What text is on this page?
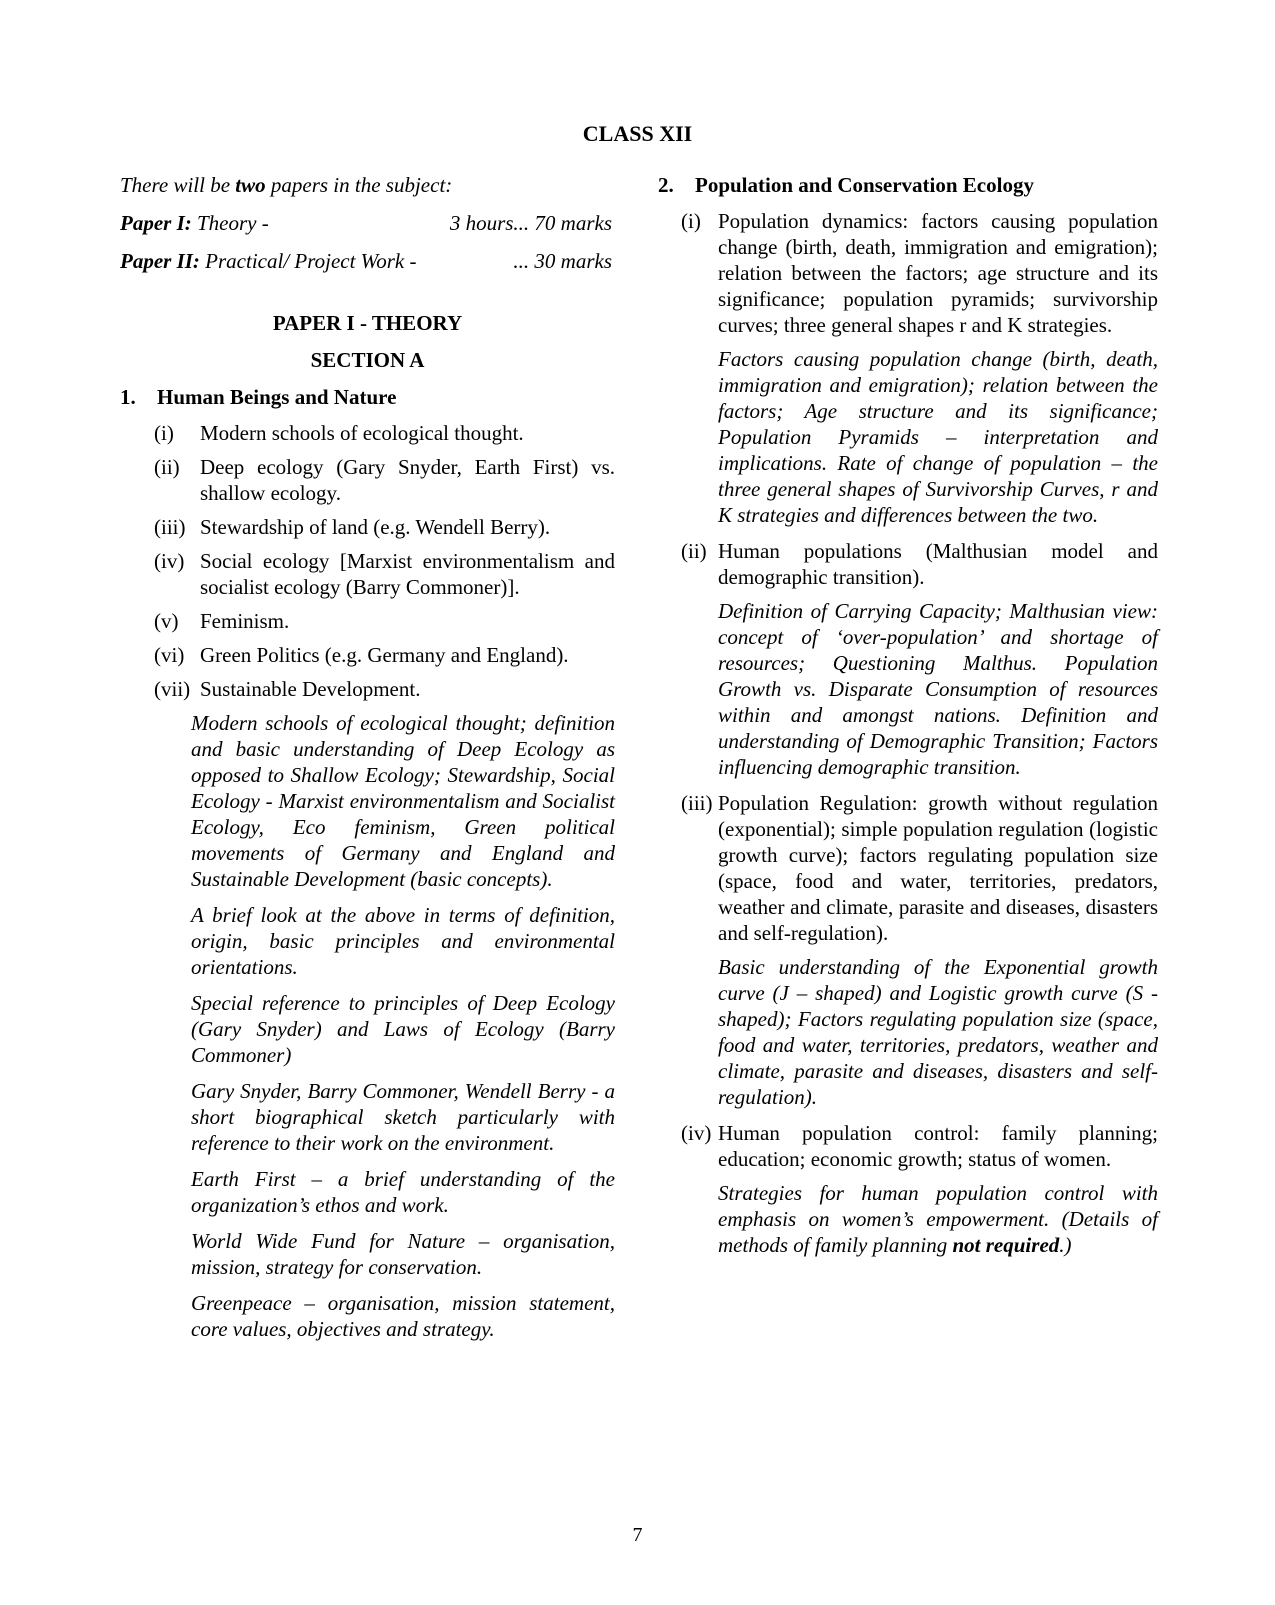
CLASS XII

There will be two papers in the subject:

Paper I: Theory -	3 hours... 70 marks
Paper II: Practical/ Project Work -	... 30 marks

PAPER I - THEORY

SECTION A

1.	Human Beings and Nature
(i)	Modern schools of ecological thought.
(ii) Deep ecology (Gary Snyder, Earth First) vs. shallow ecology.
(iii) Stewardship of land (e.g. Wendell Berry).
(iv) Social ecology [Marxist environmentalism and socialist ecology (Barry Commoner)].
(v)	Feminism.
(vi) Green Politics (e.g. Germany and England).
(vii) Sustainable Development.

Modern schools of ecological thought; definition and basic understanding of Deep Ecology as opposed to Shallow Ecology; Stewardship, Social Ecology - Marxist environmentalism and Socialist Ecology, Eco feminism, Green political movements of Germany and England and Sustainable Development (basic concepts).

A brief look at the above in terms of definition, origin, basic principles and environmental orientations.

Special reference to principles of Deep Ecology (Gary Snyder) and Laws of Ecology (Barry Commoner)

Gary Snyder, Barry Commoner, Wendell Berry - a short biographical sketch particularly with reference to their work on the environment.

Earth First – a brief understanding of the organization’s ethos and work.

World Wide Fund for Nature – organisation, mission, strategy for conservation.

Greenpeace – organisation, mission statement, core values, objectives and strategy.

2.	Population and Conservation Ecology
(i) Population dynamics: factors causing population change (birth, death, immigration and emigration); relation between the factors; age structure and its significance; population pyramids; survivorship curves; three general shapes r and K strategies.

Factors causing population change (birth, death, immigration and emigration); relation between the factors; Age structure and its significance; Population Pyramids – interpretation and implications. Rate of change of population – the three general shapes of Survivorship Curves, r and K strategies and differences between the two.

(ii) Human populations (Malthusian model and demographic transition).

Definition of Carrying Capacity; Malthusian view: concept of ‘over-population’ and shortage of resources; Questioning Malthus. Population Growth vs. Disparate Consumption of resources within and amongst nations. Definition and understanding of Demographic Transition; Factors influencing demographic transition.

(iii) Population Regulation: growth without regulation (exponential); simple population regulation (logistic growth curve); factors regulating population size (space, food and water, territories, predators, weather and climate, parasite and diseases, disasters and self-regulation).

Basic understanding of the Exponential growth curve (J – shaped) and Logistic growth curve (S - shaped); Factors regulating population size (space, food and water, territories, predators, weather and climate, parasite and diseases, disasters and self-regulation).

(iv) Human population control: family planning; education; economic growth; status of women.

Strategies for human population control with emphasis on women’s empowerment. (Details of methods of family planning not required.)

7
